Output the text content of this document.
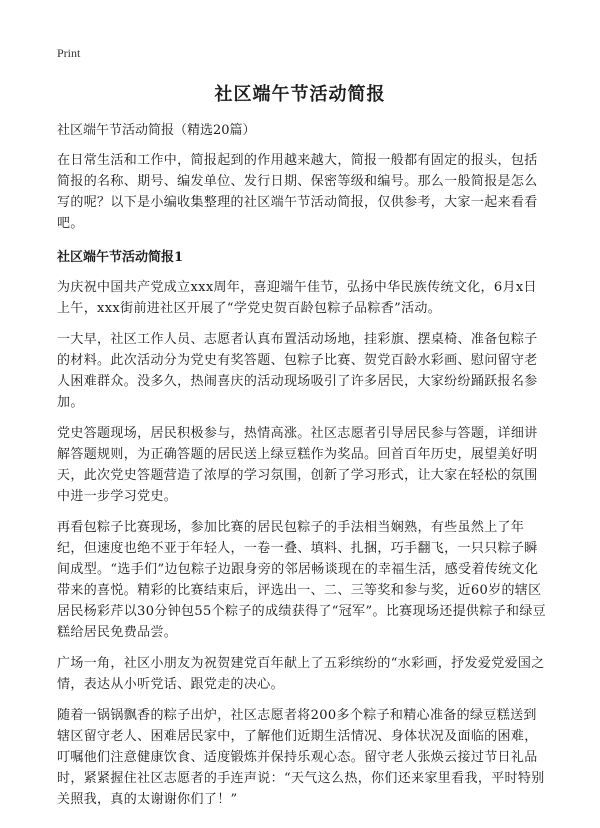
Print
社区端午节活动简报

社区端午节活动简报（精选20篇）

在日常生活和工作中，简报起到的作用越来越大，简报一般都有固定的报头，包括简报的名称、期号、编发单位、发行日期、保密等级和编号。那么一般简报是怎么写的呢？以下是小编收集整理的社区端午节活动简报，仅供参考，大家一起来看看吧。

社区端午节活动简报1

为庆祝中国共产党成立xxx周年，喜迎端午佳节，弘扬中华民族传统文化，6月x日上午，xxx街前进社区开展了“学党史贺百龄包粽子品粽香”活动。

一大早，社区工作人员、志愿者认真布置活动场地，挂彩旗、摆桌椅、准备包粽子的材料。此次活动分为党史有奖答题、包粽子比赛、贺党百龄水彩画、慰问留守老人困难群众。没多久，热闹喜庆的活动现场吸引了许多居民，大家纷纷踊跃报名参加。

党史答题现场，居民积极参与，热情高涨。社区志愿者引导居民参与答题，详细讲解答题规则，为正确答题的居民送上绿豆糕作为奖品。回首百年历史，展望美好明天，此次党史答题营造了浓厚的学习氛围，创新了学习形式，让大家在轻松的氛围中进一步学习党史。

再看包粽子比赛现场，参加比赛的居民包粽子的手法相当娴熟，有些虽然上了年纪，但速度也绝不亚于年轻人，一卷一叠、填料、扎捆，巧手翻飞，一只只粽子瞬间成型。“选手们”边包粽子边跟身旁的邻居畅谈现在的幸福生活，感受着传统文化带来的喜悦。精彩的比赛结束后，评选出一、二、三等奖和参与奖，近60岁的辖区居民杨彩芹以30分钟包55个粽子的成绩获得了“冠军”。比赛现场还提供粽子和绿豆糕给居民免费品尝。

广场一角，社区小朋友为祝贺建党百年献上了五彩缤纷的“水彩画，抒发爱党爱国之情，表达从小听党话、跟党走的决心。

随着一锅锅飘香的粽子出炉，社区志愿者将200多个粽子和精心准备的绿豆糕送到辖区留守老人、困难居民家中，了解他们近期生活情况、身体状况及面临的困难，叮嘱他们注意健康饮食、适度锻炼并保持乐观心态。留守老人张焕云接过节日礼品时，紧紧握住社区志愿者的手连声说：“天气这么热，你们还来家里看我，平时特别关照我，真的太谢谢你们了！”
